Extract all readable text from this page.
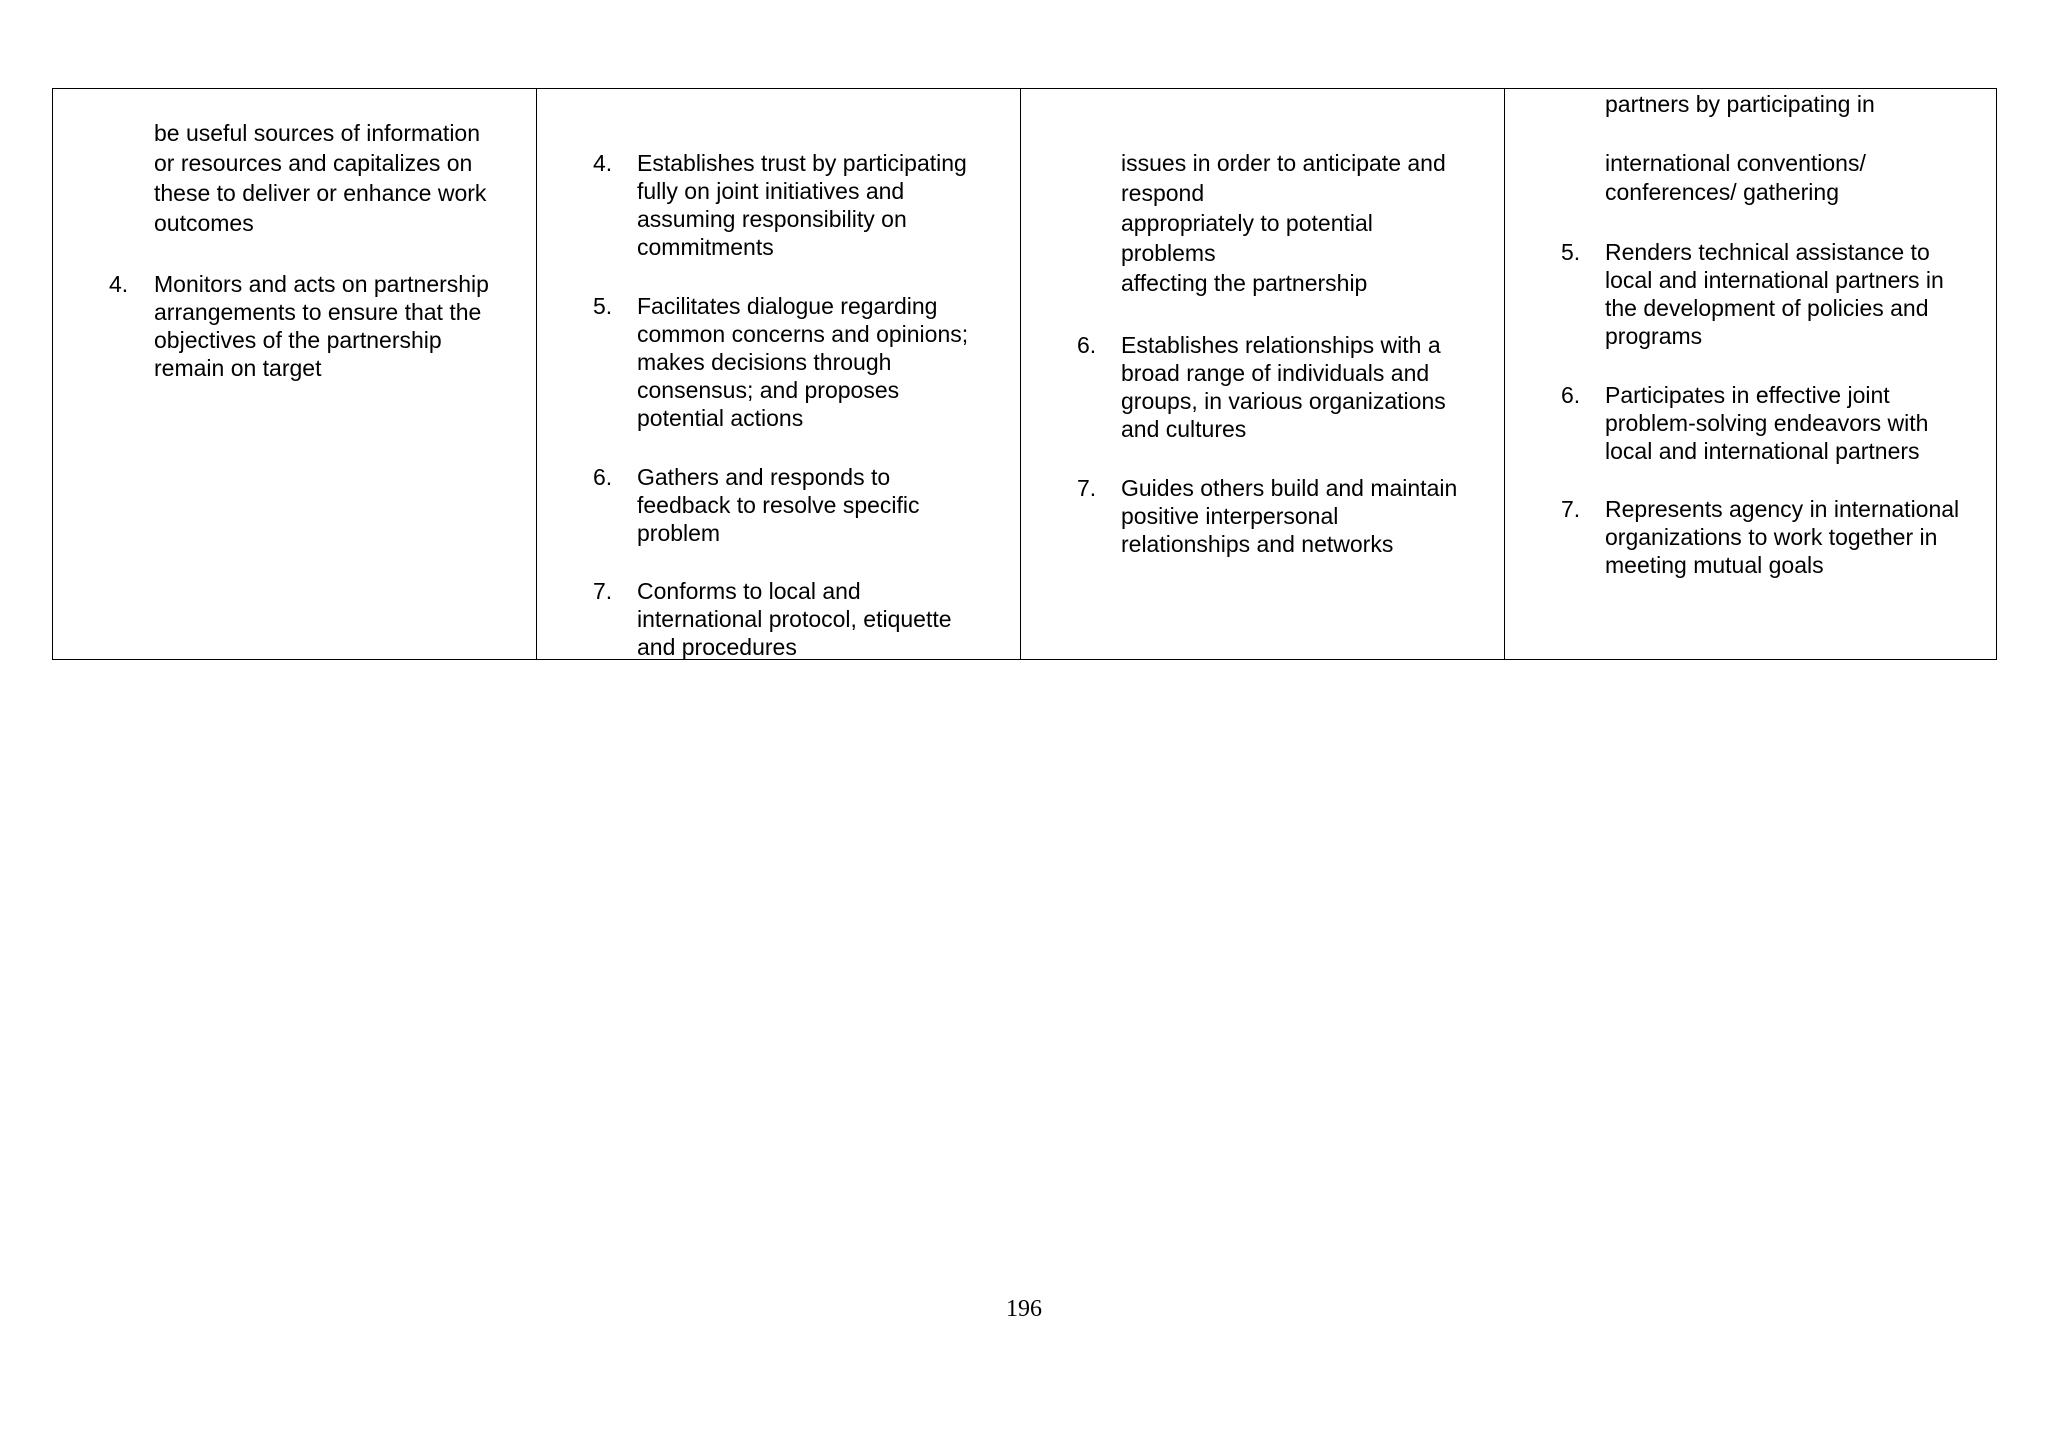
be useful sources of information
or resources and capitalizes on
these to deliver or enhance work
outcomes
4. Monitors and acts on partnership
arrangements to ensure that the
objectives of the partnership
remain on target
4. Establishes trust by participating
fully on joint initiatives and
assuming responsibility on
commitments
5. Facilitates dialogue regarding
common concerns and opinions;
makes decisions through
consensus; and proposes
potential actions
6. Gathers and responds to
feedback to resolve specific
problem
7. Conforms to local and
international protocol, etiquette
and procedures
issues in order to anticipate and
respond
appropriately to potential
problems
affecting the partnership
6. Establishes relationships with a
broad range of individuals and
groups, in various organizations
and cultures
7. Guides others build and maintain
positive interpersonal
relationships and networks
partners by participating in
international conventions/
conferences/ gathering
5. Renders technical assistance to
local and international partners in
the development of policies and
programs
6. Participates in effective joint
problem-solving endeavors with
local and international partners
7. Represents agency in international
organizations to work together in
meeting mutual goals
196
